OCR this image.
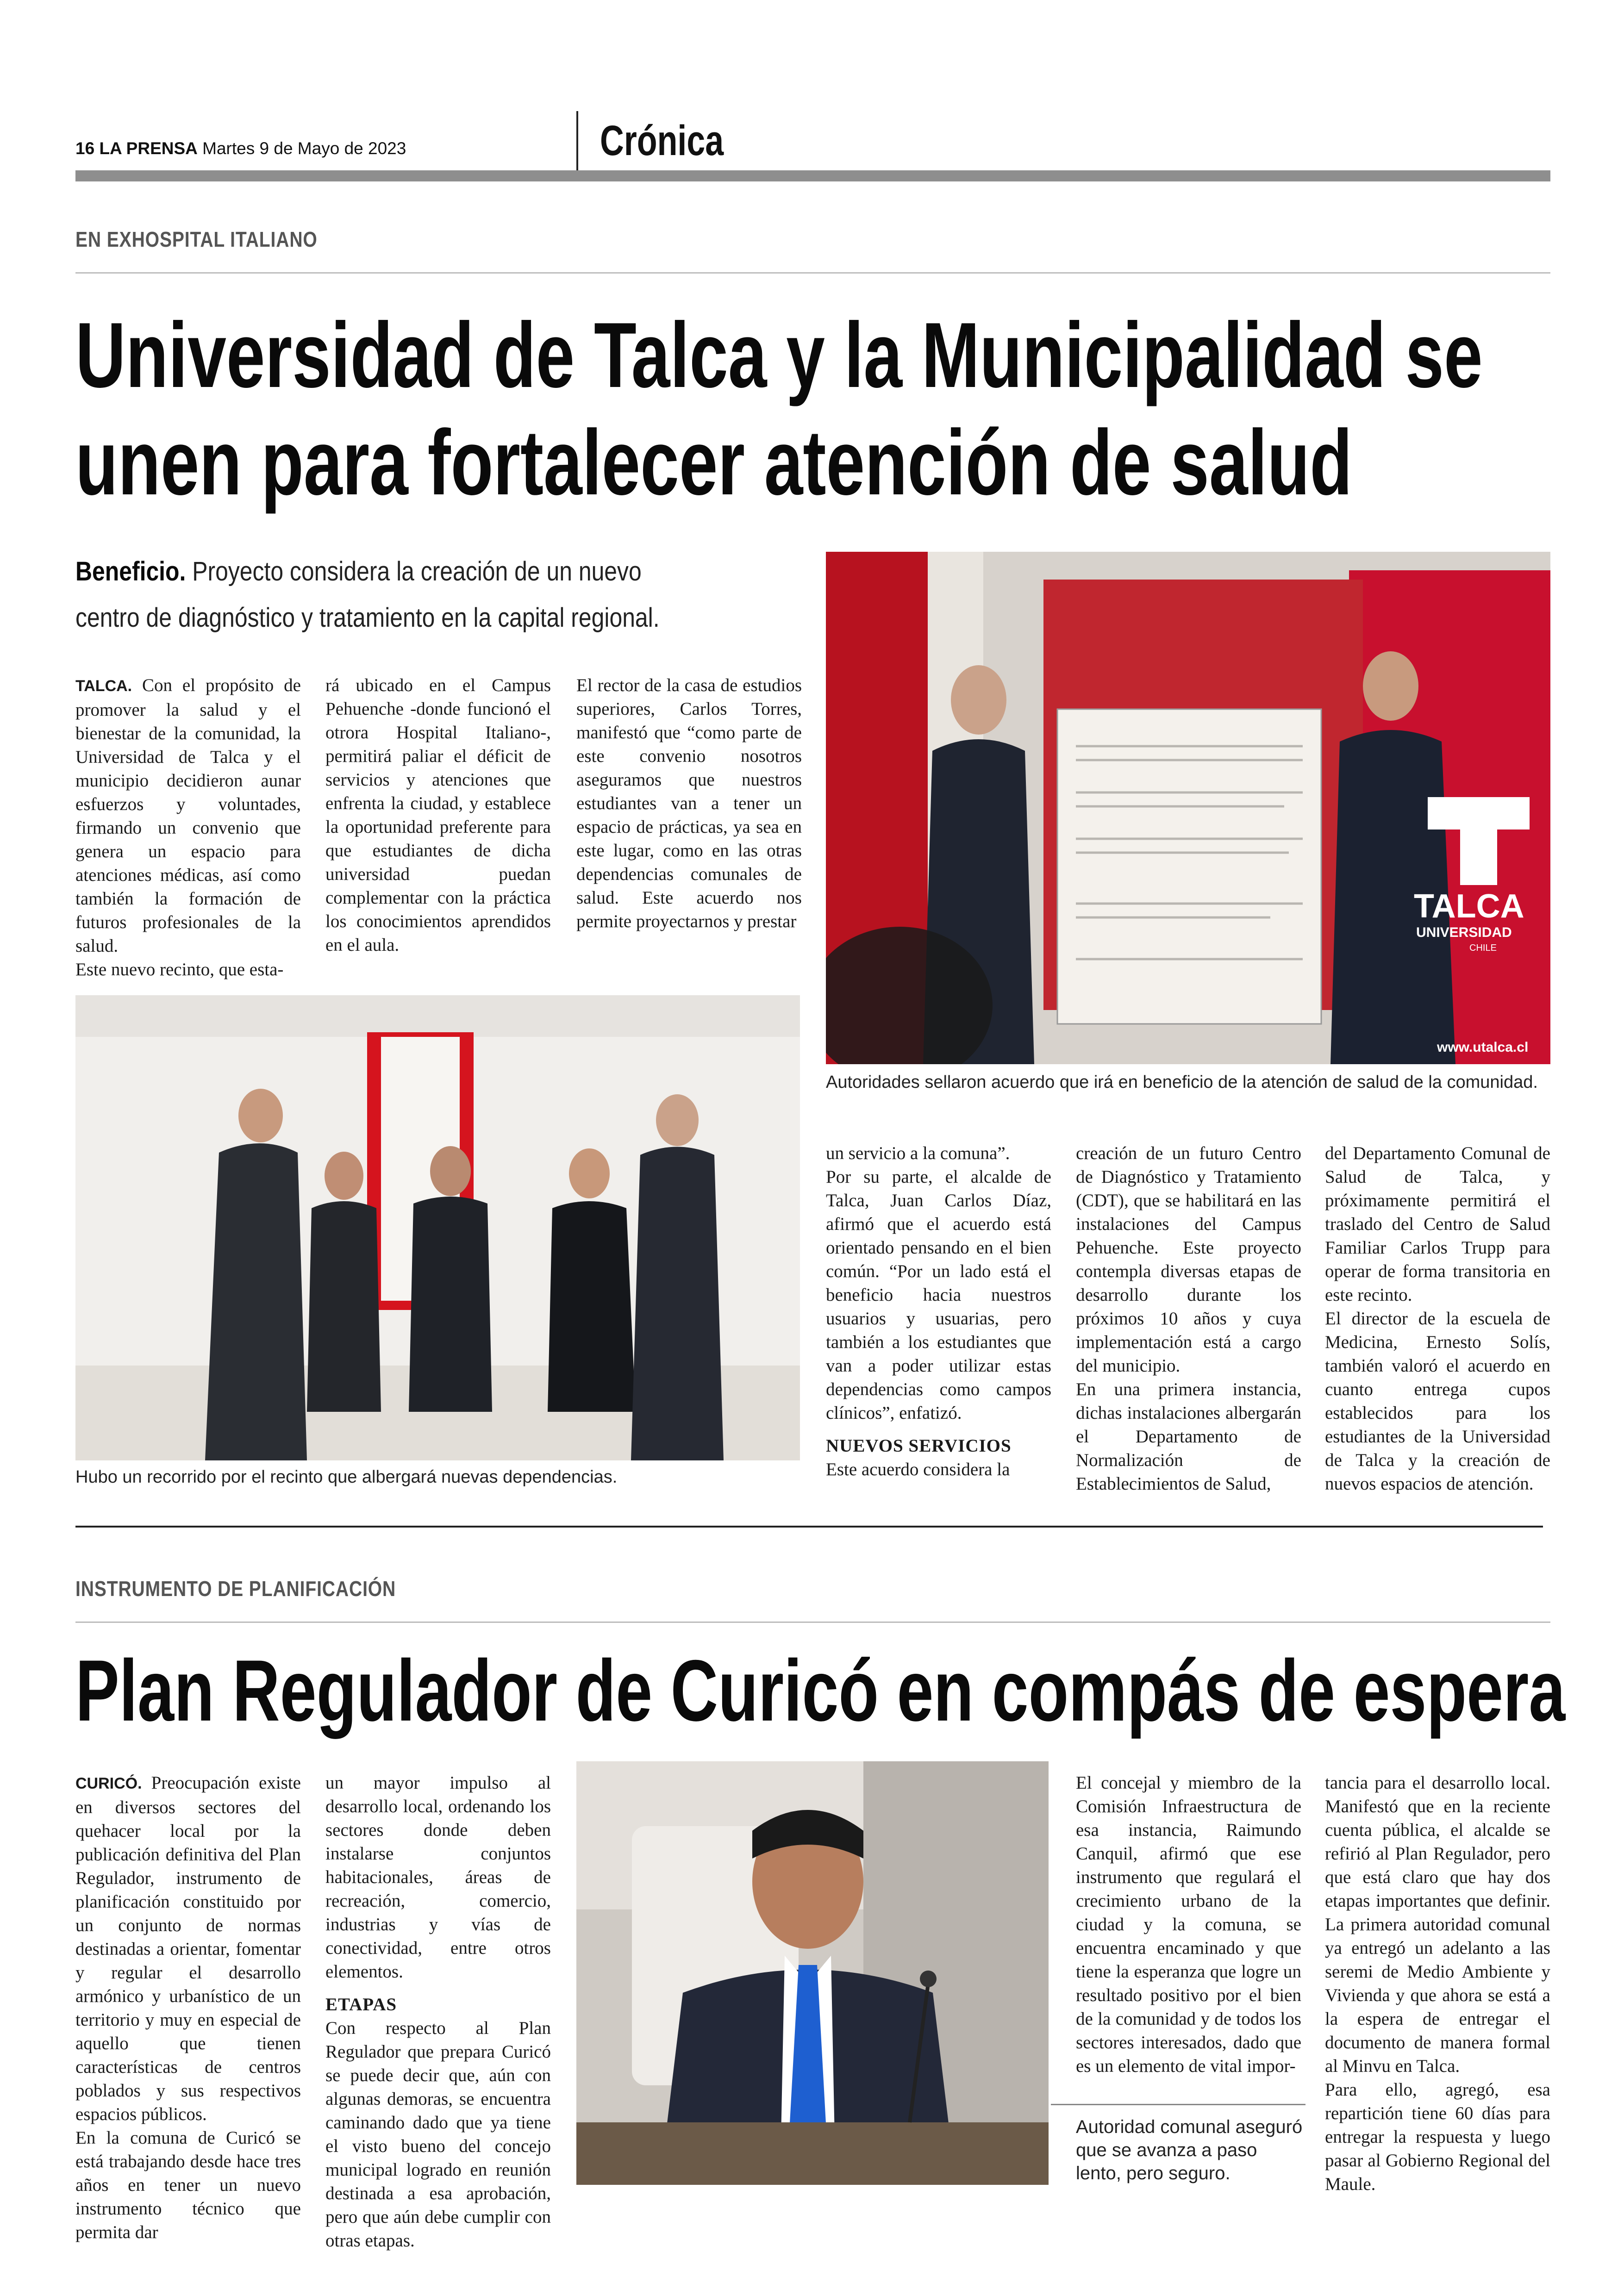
16 LA PRENSA Martes 9 de Mayo de 2023	Crónica
EN EXHOSPITAL ITALIANO
Universidad de Talca y la Municipalidad se
unen para fortalecer atención de salud
Beneficio. Proyecto considera la creación de un nuevo centro de diagnóstico y tratamiento en la capital regional.

TALCA. Con el propósito de promover la salud y el bienestar de la comunidad, la Universidad de Talca y el municipio decidieron aunar esfuerzos y voluntades, firmando un convenio que genera un espacio para atenciones médicas, así como también la formación de futuros profesionales de la salud.

Este nuevo recinto, que esta-

rá ubicado en el Campus Pehuenche -donde funcionó el otrora Hospital Italiano-, permitirá paliar el déficit de servicios y atenciones que enfrenta la ciudad, y establece la oportunidad preferente para que estudiantes de dicha universidad puedan complementar con la práctica los conocimientos aprendidos en el aula.

El rector de la casa de estudios superiores, Carlos Torres, manifestó que “como parte de este convenio nosotros aseguramos que nuestros estudiantes van a tener un espacio de prácticas, ya sea en este lugar, como en las otras dependencias comunales de salud. Este acuerdo nos permite proyectarnos y prestar	TALCA
UNIVERSIDAD
CHILE
www.utalca.cl
Autoridades sellaron acuerdo que irá en beneficio de la atención de salud de la comunidad.
Hubo un recorrido por el recinto que albergará nuevas dependencias.

un servicio a la comuna”.

Por su parte, el alcalde de Talca, Juan Carlos Díaz, afirmó que el acuerdo está orientado pensando en el bien común. “Por un lado está el beneficio hacia nuestros usuarios y usuarias, pero también a los estudiantes que van a poder utilizar estas dependencias como campos clínicos”, enfatizó.

NUEVOS SERVICIOS

Este acuerdo considera la

creación de un futuro Centro de Diagnóstico y Tratamiento (CDT), que se habilitará en las instalaciones del Campus Pehuenche. Este proyecto contempla diversas etapas de desarrollo durante los próximos 10 años y cuya implementación está a cargo del municipio.

En una primera instancia, dichas instalaciones albergarán el Departamento de Normalización de Establecimientos de Salud,

del Departamento Comunal de Salud de Talca, y próximamente permitirá el traslado del Centro de Salud Familiar Carlos Trupp para operar de forma transitoria en este recinto.

El director de la escuela de Medicina, Ernesto Solís, también valoró el acuerdo en cuanto entrega cupos establecidos para los estudiantes de la Universidad de Talca y la creación de nuevos espacios de atención.

INSTRUMENTO DE PLANIFICACIÓN
Plan Regulador de Curicó en compás de espera

CURICÓ. Preocupación existe en diversos sectores del quehacer local por la publicación definitiva del Plan Regulador, instrumento de planificación constituido por un conjunto de normas destinadas a orientar, fomentar y regular el desarrollo armónico y urbanístico de un territorio y muy en especial de aquello que tienen características de centros poblados y sus respectivos espacios públicos.

En la comuna de Curicó se está trabajando desde hace tres años en tener un nuevo instrumento técnico que permita dar

un mayor impulso al desarrollo local, ordenando los sectores donde deben instalarse conjuntos habitacionales, áreas de recreación, comercio, industrias y vías de conectividad, entre otros elementos.

ETAPAS

Con respecto al Plan Regulador que prepara Curicó se puede decir que, aún con algunas demoras, se encuentra caminando dado que ya tiene el visto bueno del concejo municipal logrado en reunión destinada a esa aprobación, pero que aún debe cumplir con otras etapas.

El concejal y miembro de la Comisión Infraestructura de esa instancia, Raimundo Canquil, afirmó que ese instrumento que regulará el crecimiento urbano de la ciudad y la comuna, se encuentra encaminado y que tiene la esperanza que logre un resultado positivo por el bien de la comunidad y de todos los sectores interesados, dado que es un elemento de vital impor-

Autoridad comunal aseguró que se avanza a paso lento, pero seguro.

tancia para el desarrollo local. Manifestó que en la reciente cuenta pública, el alcalde se refirió al Plan Regulador, pero que está claro que hay dos etapas importantes que definir. La primera autoridad comunal ya entregó un adelanto a las seremi de Medio Ambiente y Vivienda y que ahora se está a la espera de entregar el documento de manera formal al Minvu en Talca.

Para ello, agregó, esa repartición tiene 60 días para entregar la respuesta y luego pasar al Gobierno Regional del Maule.
